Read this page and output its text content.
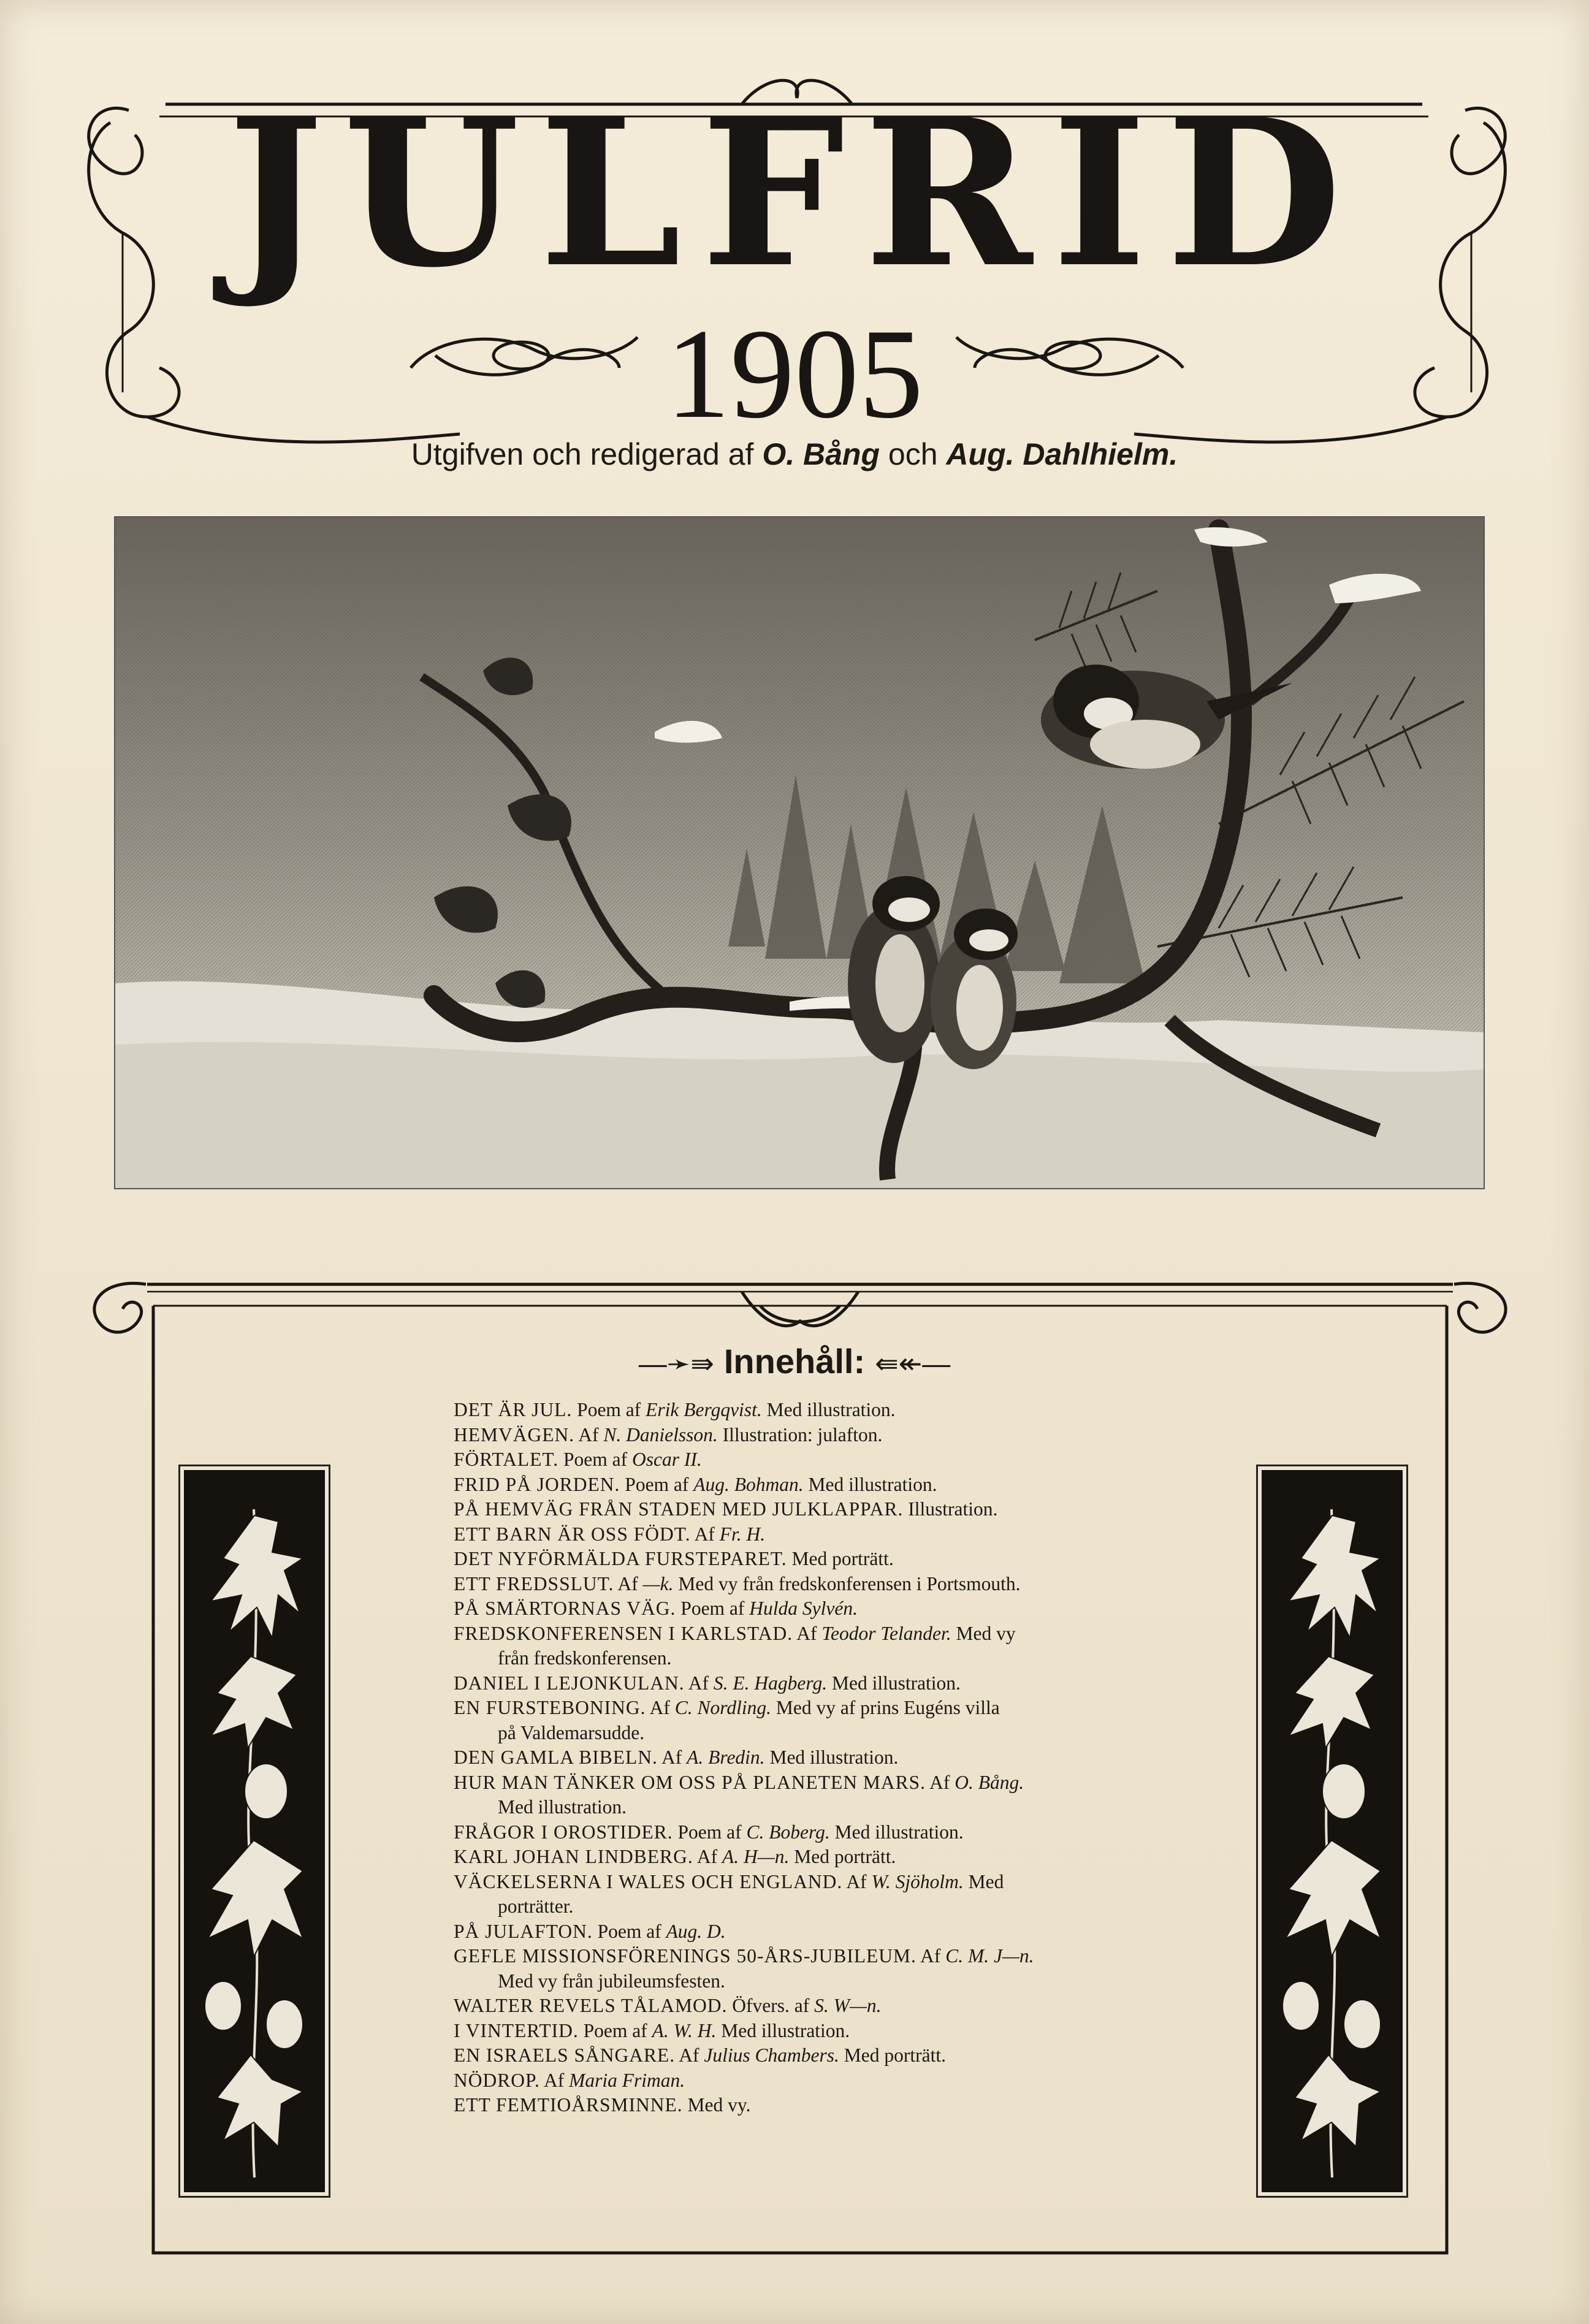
JULFRID
1905
Utgifven och redigerad af O. Bång och Aug. Dahlhielm.
—➛⇛ Innehåll: ⇚↞—
DET ÄR JUL. Poem af Erik Bergqvist. Med illustration.
HEMVÄGEN. Af N. Danielsson. Illustration: julafton.
FÖRTALET. Poem af Oscar II.
FRID PÅ JORDEN. Poem af Aug. Bohman. Med illustration.
PÅ HEMVÄG FRÅN STADEN MED JULKLAPPAR. Illustration.
ETT BARN ÄR OSS FÖDT. Af Fr. H.
DET NYFÖRMÄLDA FURSTEPARET. Med porträtt.
ETT FREDSSLUT. Af —k. Med vy från fredskonferensen i Portsmouth.
PÅ SMÄRTORNAS VÄG. Poem af Hulda Sylvén.
FREDSKONFERENSEN I KARLSTAD. Af Teodor Telander. Med vy
från fredskonferensen.
DANIEL I LEJONKULAN. Af S. E. Hagberg. Med illustration.
EN FURSTEBONING. Af C. Nordling. Med vy af prins Eugéns villa
på Valdemarsudde.
DEN GAMLA BIBELN. Af A. Bredin. Med illustration.
HUR MAN TÄNKER OM OSS PÅ PLANETEN MARS. Af O. Bång.
Med illustration.
FRÅGOR I OROSTIDER. Poem af C. Boberg. Med illustration.
KARL JOHAN LINDBERG. Af A. H—n. Med porträtt.
VÄCKELSERNA I WALES OCH ENGLAND. Af W. Sjöholm. Med
porträtter.
PÅ JULAFTON. Poem af Aug. D.
GEFLE MISSIONSFÖRENINGS 50-ÅRS-JUBILEUM. Af C. M. J—n.
Med vy från jubileumsfesten.
WALTER REVELS TÅLAMOD. Öfvers. af S. W—n.
I VINTERTID. Poem af A. W. H. Med illustration.
EN ISRAELS SÅNGARE. Af Julius Chambers. Med porträtt.
NÖDROP. Af Maria Friman.
ETT FEMTIOÅRSMINNE. Med vy.
